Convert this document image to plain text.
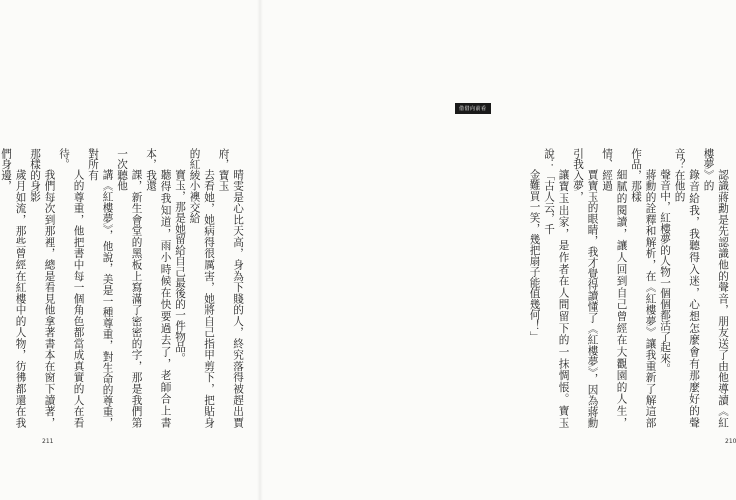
晴雯是心比天高，身為下賤的人，終究落得被趕出賈府，寶玉

去看她，她病得很厲害，她將自己指甲剪下，把貼身的紅綾小襖交給

寶玉，那是她留給自己最後的一件物品。

聽得我知道，雨小時候在快要過去了，老師合上書本，我還

課，新生會堂的黑板上寫滿了密密的字，那是我們第一次聽他

講《紅樓夢》，他說，美是一種尊重，對生命的尊重，對所有

人的尊重，他把書中每一個角色都當成真實的人在看待。

我們每次到那裡，總是看見他拿著書本在窗下讀著，那樣的身影

歲月如流，那些曾經在紅樓中的人物，彷彿都還在我們身邊，

211

認識蔣勳是先認識他的聲音，朋友送了由他導讀《紅樓夢》的

錄音給我，我聽得入迷，心想怎麼會有那麼好的聲音？在他的

聲音中，紅樓夢的人物一個個都活了起來。

蔣勳的詮釋和解析，在《紅樓夢》讓我重新了解這部作品，那樣

細膩的閱讀，讓人回到自己曾經在大觀園的人生，情、經過

賈寶玉的眼睛，我才覺得讀懂了《紅樓夢》，因為蔣勳引我入夢，

讓寶玉出家，是作者在人間留下的一抹惆悵。寶玉說：「古人云，千

金難買一笑，幾把扇子能值幾何！」

210
借借向前看
